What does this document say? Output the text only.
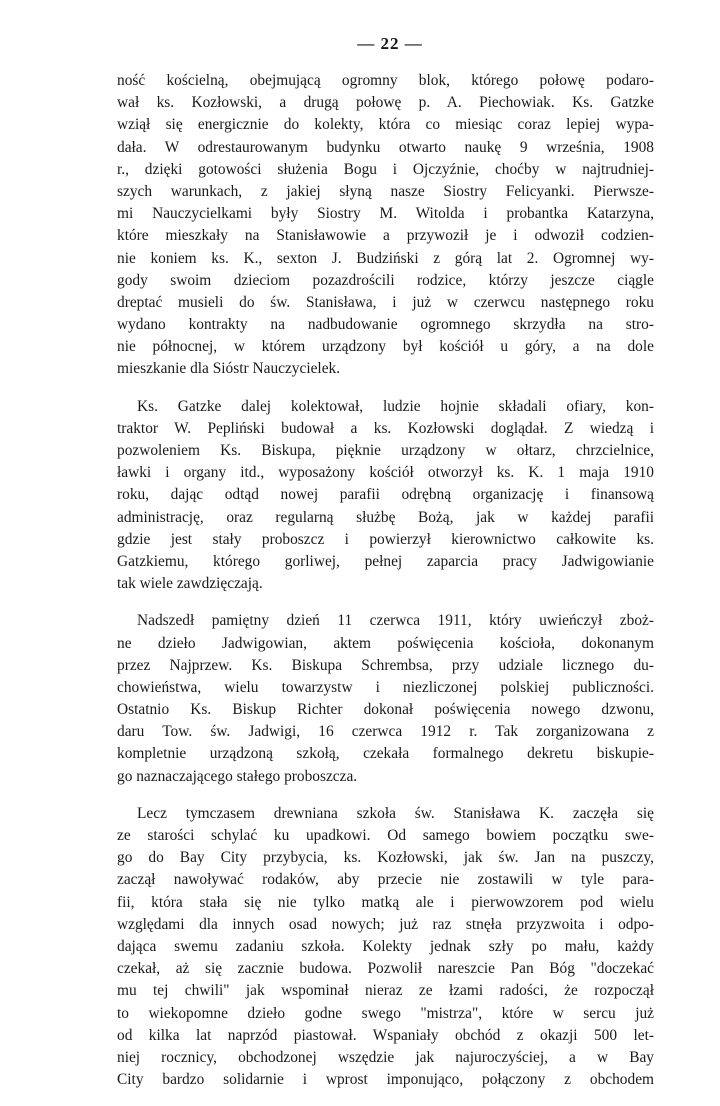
— 22 —
ność kościelną, obejmującą ogromny blok, którego połowę podaro-
wał ks. Kozłowski, a drugą połowę p. A. Piechowiak. Ks. Gatzke
wziął się energicznie do kolekty, która co miesiąc coraz lepiej wypa-
dała. W odrestaurowanym budynku otwarto naukę 9 września, 1908
r., dzięki gotowości służenia Bogu i Ojczyźnie, choćby w najtrudniej-
szych warunkach, z jakiej słyną nasze Siostry Felicyanki. Pierwsze-
mi Nauczycielkami były Siostry M. Witolda i probantka Katarzyna,
które mieszkały na Stanisławowie a przywoził je i odwoził codzien-
nie koniem ks. K., sexton J. Budziński z górą lat 2. Ogromnej wy-
gody swoim dzieciom pozazdrościli rodzice, którzy jeszcze ciągle
dreptać musieli do św. Stanisława, i już w czerwcu następnego roku
wydano kontrakty na nadbudowanie ogromnego skrzydła na stro-
nie północnej, w którem urządzony był kościół u góry, a na dole
mieszkanie dla Sióstr Nauczycielek.
Ks. Gatzke dalej kolektował, ludzie hojnie składali ofiary, kon-
traktor W. Pepliński budował a ks. Kozłowski doglądał. Z wiedzą i
pozwoleniem Ks. Biskupa, pięknie urządzony w ołtarz, chrzcielnice,
ławki i organy itd., wyposażony kościół otworzył ks. K. 1 maja 1910
roku, dając odtąd nowej parafii odrębną organizację i finansową
administrację, oraz regularną służbę Bożą, jak w każdej parafii
gdzie jest stały proboszcz i powierzył kierownictwo całkowite ks.
Gatzkiemu, którego gorliwej, pełnej zaparcia pracy Jadwigowianie
tak wiele zawdzięczają.
Nadszedł pamiętny dzień 11 czerwca 1911, który uwieńczył zboż-
ne dzieło Jadwigowian, aktem poświęcenia kościoła, dokonanym
przez Najprzew. Ks. Biskupa Schrembsa, przy udziale licznego du-
chowieństwa, wielu towarzystw i niezliczonej polskiej publiczności.
Ostatnio Ks. Biskup Richter dokonał poświęcenia nowego dzwonu,
daru Tow. św. Jadwigi, 16 czerwca 1912 r. Tak zorganizowana z
kompletnie urządzoną szkołą, czekała formalnego dekretu biskupie-
go naznaczającego stałego proboszcza.
Lecz tymczasem drewniana szkoła św. Stanisława K. zaczęła się
ze starości schylać ku upadkowi. Od samego bowiem początku swe-
go do Bay City przybycia, ks. Kozłowski, jak św. Jan na puszczy,
zaczął nawoływać rodaków, aby przecie nie zostawili w tyle para-
fii, która stała się nie tylko matką ale i pierwowzorem pod wielu
względami dla innych osad nowych; już raz stnęła przyzwoita i odpo-
dająca swemu zadaniu szkoła. Kolekty jednak szły po mału, każdy
czekał, aż się zacznie budowa. Pozwolił nareszcie Pan Bóg "doczekać
mu tej chwili" jak wspominał nieraz ze łzami radości, że rozpoczął
to wiekopomne dzieło godne swego "mistrza", które w sercu już
od kilka lat naprzód piastował. Wspaniały obchód z okazji 500 let-
niej rocznicy, obchodzonej wszędzie jak najuroczyściej, a w Bay
City bardzo solidarnie i wprost imponująco, połączony z obchodem
